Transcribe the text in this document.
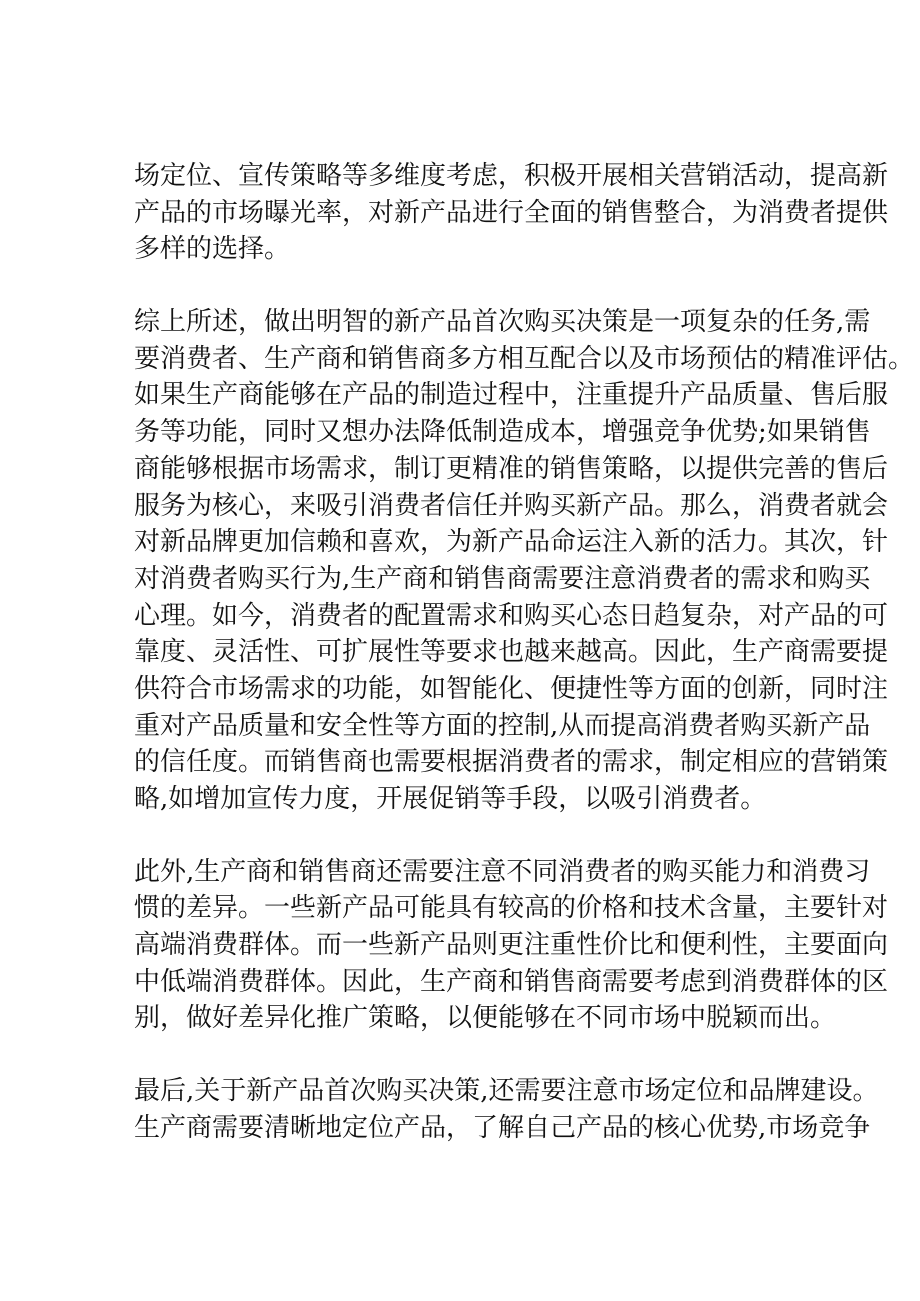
场定位、宣传策略等多维度考虑，积极开展相关营销活动，提高新
产品的市场曝光率，对新产品进行全面的销售整合，为消费者提供
多样的选择。

综上所述，做出明智的新产品首次购买决策是一项复杂的任务,需
要消费者、生产商和销售商多方相互配合以及市场预估的精准评估。
如果生产商能够在产品的制造过程中，注重提升产品质量、售后服
务等功能，同时又想办法降低制造成本，增强竞争优势;如果销售
商能够根据市场需求，制订更精准的销售策略，以提供完善的售后
服务为核心，来吸引消费者信任并购买新产品。那么，消费者就会
对新品牌更加信赖和喜欢，为新产品命运注入新的活力。其次，针
对消费者购买行为,生产商和销售商需要注意消费者的需求和购买
心理。如今，消费者的配置需求和购买心态日趋复杂，对产品的可
靠度、灵活性、可扩展性等要求也越来越高。因此，生产商需要提
供符合市场需求的功能，如智能化、便捷性等方面的创新，同时注
重对产品质量和安全性等方面的控制,从而提高消费者购买新产品
的信任度。而销售商也需要根据消费者的需求，制定相应的营销策
略,如增加宣传力度，开展促销等手段，以吸引消费者。

此外,生产商和销售商还需要注意不同消费者的购买能力和消费习
惯的差异。一些新产品可能具有较高的价格和技术含量，主要针对
高端消费群体。而一些新产品则更注重性价比和便利性，主要面向
中低端消费群体。因此，生产商和销售商需要考虑到消费群体的区
别，做好差异化推广策略，以便能够在不同市场中脱颖而出。

最后,关于新产品首次购买决策,还需要注意市场定位和品牌建设。
生产商需要清晰地定位产品，了解自己产品的核心优势,市场竞争
